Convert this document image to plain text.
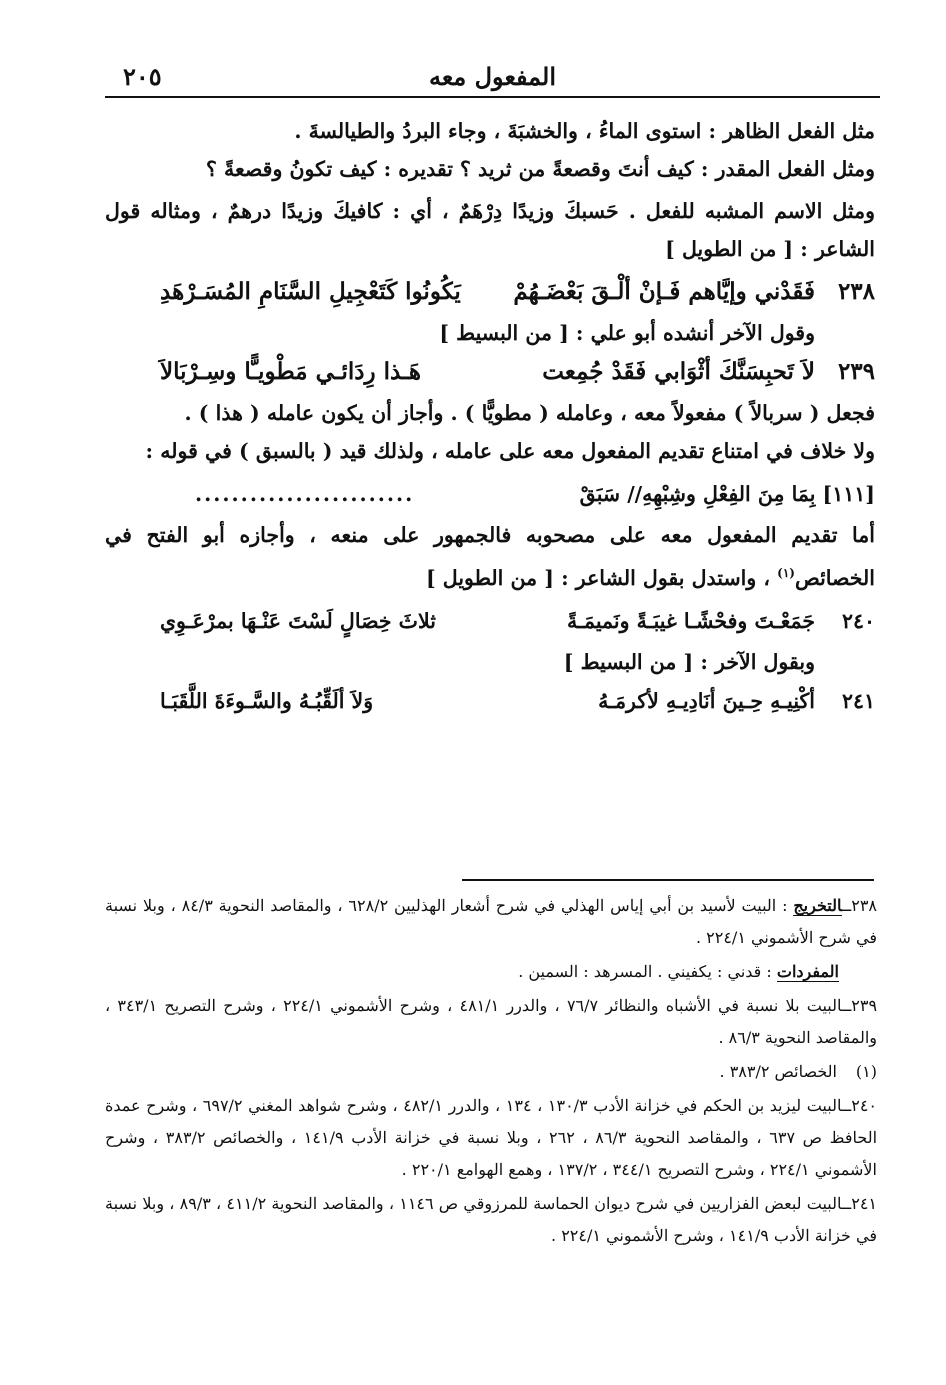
المفعول معه
٢٠٥

مثل الفعل الظاهر : استوى الماءُ ، والخشبَةَ ، وجاء البردُ والطيالسةَ .

ومثل الفعل المقدر : كيف أنتَ وقصعةً من ثريد ؟ تقديره : كيف تكونُ وقصعةً ؟

ومثل الاسم المشبه للفعل . حَسبكَ وزيدًا دِرْهَمٌ ، أي : كافيكَ وزيدًا درهمٌ ، ومثاله قول الشاعر : [ من الطويل ]

٢٣٨
فَقَدْني وإيَّاهم فَـإنْ ألْـقَ بَعْضَـهُمْ
يَكُونُوا كَتَعْجِيلِ السَّنَامِ المُسَـرْهَدِ

وقول الآخر أنشده أبو علي : [ من البسيط ]

٢٣٩
لاَ تَحبِسَنَّكَ أثْوَابي فَقَدْ جُمِعت
هَـذا رِدَائـي مَطْويـًّا وسِـرْبَالاَ

فجعل ( سربالاً ) مفعولاً معه ، وعامله ( مطويًّا ) . وأجاز أن يكون عامله ( هذا ) .

ولا خلاف في امتناع تقديم المفعول معه على عامله ، ولذلك قيد ( بالسبق ) في قوله :

[١١١] بِمَا مِنَ الفِعْلِ وشِبْهِهِ// سَبَقْ
........................

أما تقديم المفعول معه على مصحوبه فالجمهور على منعه ، وأجازه أبو الفتح في الخصائص$^{(١)}$ ، واستدل بقول الشاعر : [ من الطويل ]

٢٤٠
جَمَعْـتَ وفحْشًـا غيبَـةً ونَميمَـةً
ثلاثَ خِصَالٍ لَسْتَ عَنْـهَا بمرْعَـوِي

وبقول الآخر : [ من البسيط ]

٢٤١
أكْنِيـهِ حِـينَ أنَادِيـهِ لأكرمَـهُ
وَلاَ ألَقِّبُـهُ والسَّـوءَةَ اللَّقَبَـا

٢٣٨ــالتخريج : البيت لأسيد بن أبي إياس الهذلي في شرح أشعار الهذليين ٦٢٨/٢ ، والمقاصد النحوية ٨٤/٣ ، وبلا نسبة في شرح الأشموني ٢٢٤/١ .

المفردات : قدني : يكفيني . المسرهد : السمين .

٢٣٩ــالبيت بلا نسبة في الأشباه والنظائر ٧٦/٧ ، والدرر ٤٨١/١ ، وشرح الأشموني ٢٢٤/١ ، وشرح التصريح ٣٤٣/١ ، والمقاصد النحوية ٨٦/٣ .

(١)الخصائص ٣٨٣/٢ .

٢٤٠ــالبيت ليزيد بن الحكم في خزانة الأدب ١٣٠/٣ ، ١٣٤ ، والدرر ٤٨٢/١ ، وشرح شواهد المغني ٦٩٧/٢ ، وشرح عمدة الحافظ ص ٦٣٧ ، والمقاصد النحوية ٨٦/٣ ، ٢٦٢ ، وبلا نسبة في خزانة الأدب ١٤١/٩ ، والخصائص ٣٨٣/٢ ، وشرح الأشموني ٢٢٤/١ ، وشرح التصريح ٣٤٤/١ ، ١٣٧/٢ ، وهمع الهوامع ٢٢٠/١ .

٢٤١ــالبيت لبعض الفزاريين في شرح ديوان الحماسة للمرزوقي ص ١١٤٦ ، والمقاصد النحوية ٤١١/٢ ، ٨٩/٣ ، وبلا نسبة في خزانة الأدب ١٤١/٩ ، وشرح الأشموني ٢٢٤/١ .
